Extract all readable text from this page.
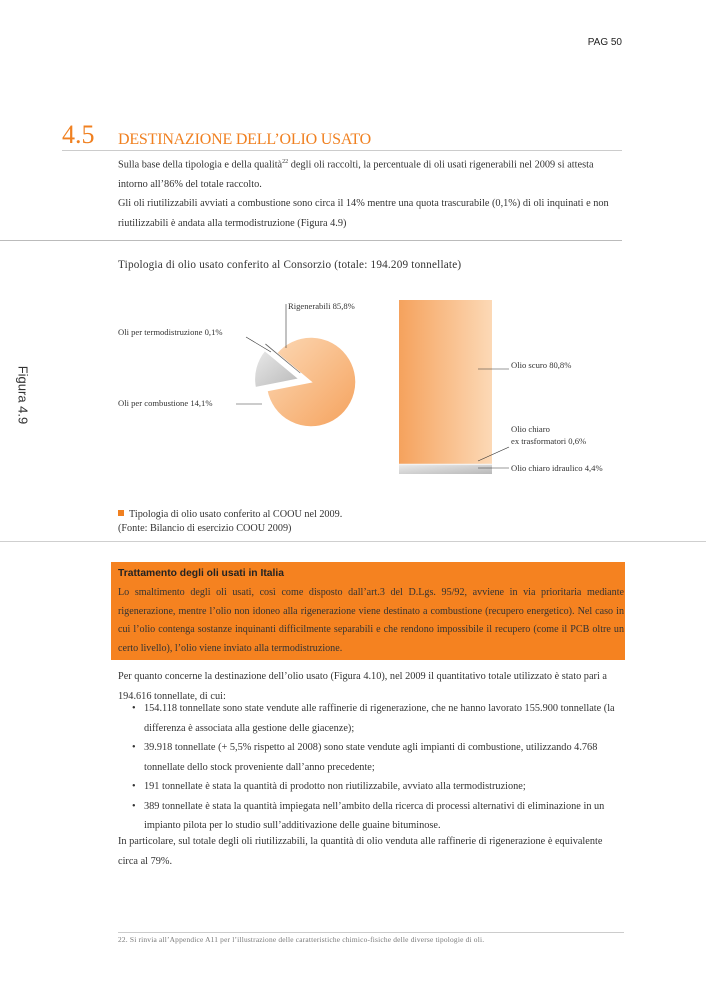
PAG 50
4.5 DESTINAZIONE DELL’OLIO USATO

Sulla base della tipologia e della qualità$^{22}$ degli oli raccolti, la percentuale di oli usati rigenerabili nel 2009 si attesta intorno all’86% del totale raccolto.

Gli oli riutilizzabili avviati a combustione sono circa il 14% mentre una quota trascurabile (0,1%) di oli inquinati e non riutilizzabili è andata alla termodistruzione (Figura 4.9)

Figura 4.9
Tipologia di olio usato conferito al Consorzio (totale: 194.209 tonnellate)
Rigenerabili 85,8%
Oli per termodistruzione 0,1%
Oli per combustione 14,1%
Olio scuro 80,8%
Olio chiaro
ex trasformatori 0,6%
Olio chiaro idraulico 4,4%
Tipologia di olio usato conferito al COOU nel 2009.
(Fonte: Bilancio di esercizio COOU 2009)
Trattamento degli oli usati in Italia
Lo smaltimento degli oli usati, così come disposto dall’art.3 del D.Lgs. 95/92, avviene in via prioritaria mediante rigenerazione, mentre l’olio non idoneo alla rigenerazione viene destinato a combustione (recupero energetico). Nel caso in cui l’olio contenga sostanze inquinanti difficilmente separabili e che rendono impossibile il recupero (come il PCB oltre un certo livello), l’olio viene inviato alla termodistruzione.

Per quanto concerne la destinazione dell’olio usato (Figura 4.10), nel 2009 il quantitativo totale utilizzato è stato pari a 194.616 tonnellate, di cui:

• 154.118 tonnellate sono state vendute alle raffinerie di rigenerazione, che ne hanno lavorato 155.900 tonnellate (la differenza è associata alla gestione delle giacenze);
• 39.918 tonnellate (+ 5,5% rispetto al 2008) sono state vendute agli impianti di combustione, utilizzando 4.768 tonnellate dello stock proveniente dall’anno precedente;
• 191 tonnellate è stata la quantità di prodotto non riutilizzabile, avviato alla termodistruzione;
• 389 tonnellate è stata la quantità impiegata nell’ambito della ricerca di processi alternativi di eliminazione in un impianto pilota per lo studio sull’additivazione delle guaine bituminose.

In particolare, sul totale degli oli riutilizzabili, la quantità di olio venduta alle raffinerie di rigenerazione è equivalente circa al 79%.

22. Si rinvia all’Appendice A11 per l’illustrazione delle caratteristiche chimico-fisiche delle diverse tipologie di oli.
